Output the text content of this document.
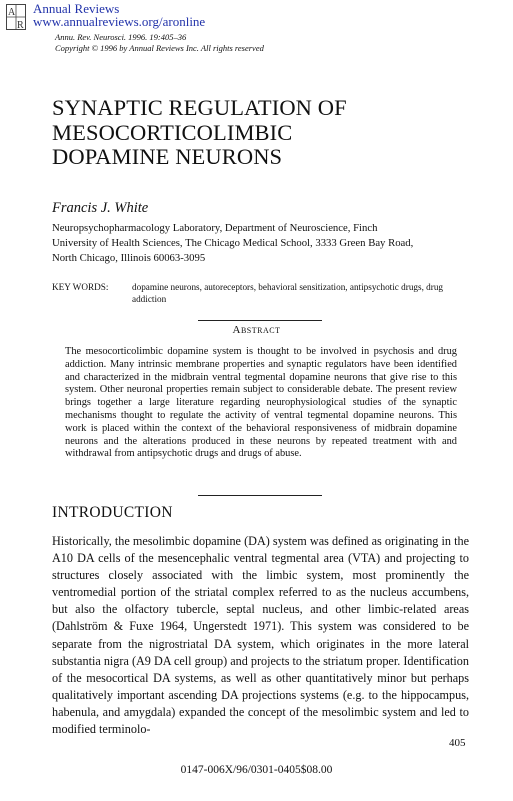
A
R
Annual Reviews
www.annualreviews.org/aronline
Annu. Rev. Neurosci. 1996. 19:405–36
Copyright © 1996 by Annual Reviews Inc. All rights reserved
SYNAPTIC REGULATION OF
MESOCORTICOLIMBIC
DOPAMINE NEURONS
Francis J. White
Neuropsychopharmacology Laboratory, Department of Neuroscience, Finch
University of Health Sciences, The Chicago Medical School, 3333 Green Bay Road,
North Chicago, Illinois 60063-3095
KEY WORDS:	dopamine neurons, autoreceptors, behavioral sensitization, antipsychotic drugs, drug addiction
Abstract
The mesocorticolimbic dopamine system is thought to be involved in psychosis and drug addiction. Many intrinsic membrane properties and synaptic regulators have been identified and characterized in the midbrain ventral tegmental dopamine neurons that give rise to this system. Other neuronal properties remain subject to considerable debate. The present review brings together a large literature regarding neurophysiological studies of the synaptic mechanisms thought to regulate the activity of ventral tegmental dopamine neurons. This work is placed within the context of the behavioral responsiveness of midbrain dopamine neurons and the alterations produced in these neurons by repeated treatment with and withdrawal from antipsychotic drugs and drugs of abuse.
INTRODUCTION
Historically, the mesolimbic dopamine (DA) system was defined as originating in the A10 DA cells of the mesencephalic ventral tegmental area (VTA) and projecting to structures closely associated with the limbic system, most prominently the ventromedial portion of the striatal complex referred to as the nucleus accumbens, but also the olfactory tubercle, septal nucleus, and other limbic-related areas (Dahlström & Fuxe 1964, Ungerstedt 1971). This system was considered to be separate from the nigrostriatal DA system, which originates in the more lateral substantia nigra (A9 DA cell group) and projects to the striatum proper. Identification of the mesocortical DA systems, as well as other quantitatively minor but perhaps qualitatively important ascending DA projections systems (e.g. to the hippocampus, habenula, and amygdala) expanded the concept of the mesolimbic system and led to modified terminolo-
405
0147-006X/96/0301-0405$08.00
